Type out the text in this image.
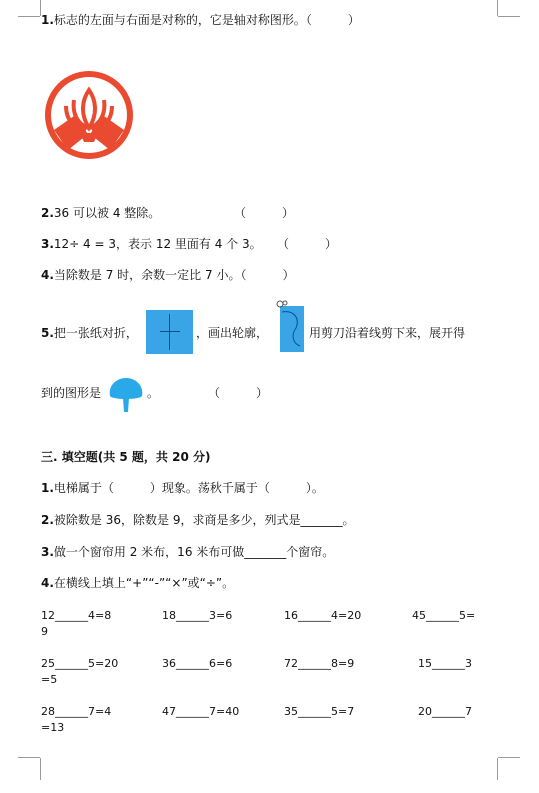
1.标志的左面与右面是对称的，它是轴对称图形。（　　　）
2.36 可以被 4 整除。	（　　　）
3.12÷ 4 = 3，表示 12 里面有 4 个 3。 （　　　）
4.当除数是 7 时，余数一定比 7 小。（　　　）
5.把一张纸对折，	，画出轮廓，	用剪刀沿着线剪下来，展开得
到的图形是	。	（　　　）
三. 填空题(共 5 题，共 20 分)
1.电梯属于（　　　）现象。荡秋千属于（　　　）。
2.被除数是 36，除数是 9，求商是多少，列式是_______。
3.做一个窗帘用 2 米布，16 米布可做_______个窗帘。
4.在横线上填上“+”“-”“×”或“÷”。
12______4=8	18______3=6	16______4=20	45______5=
9
25______5=20	36______6=6	72______8=9	15______3
=5
28______7=4	47______7=40	35______5=7	20______7
=13
